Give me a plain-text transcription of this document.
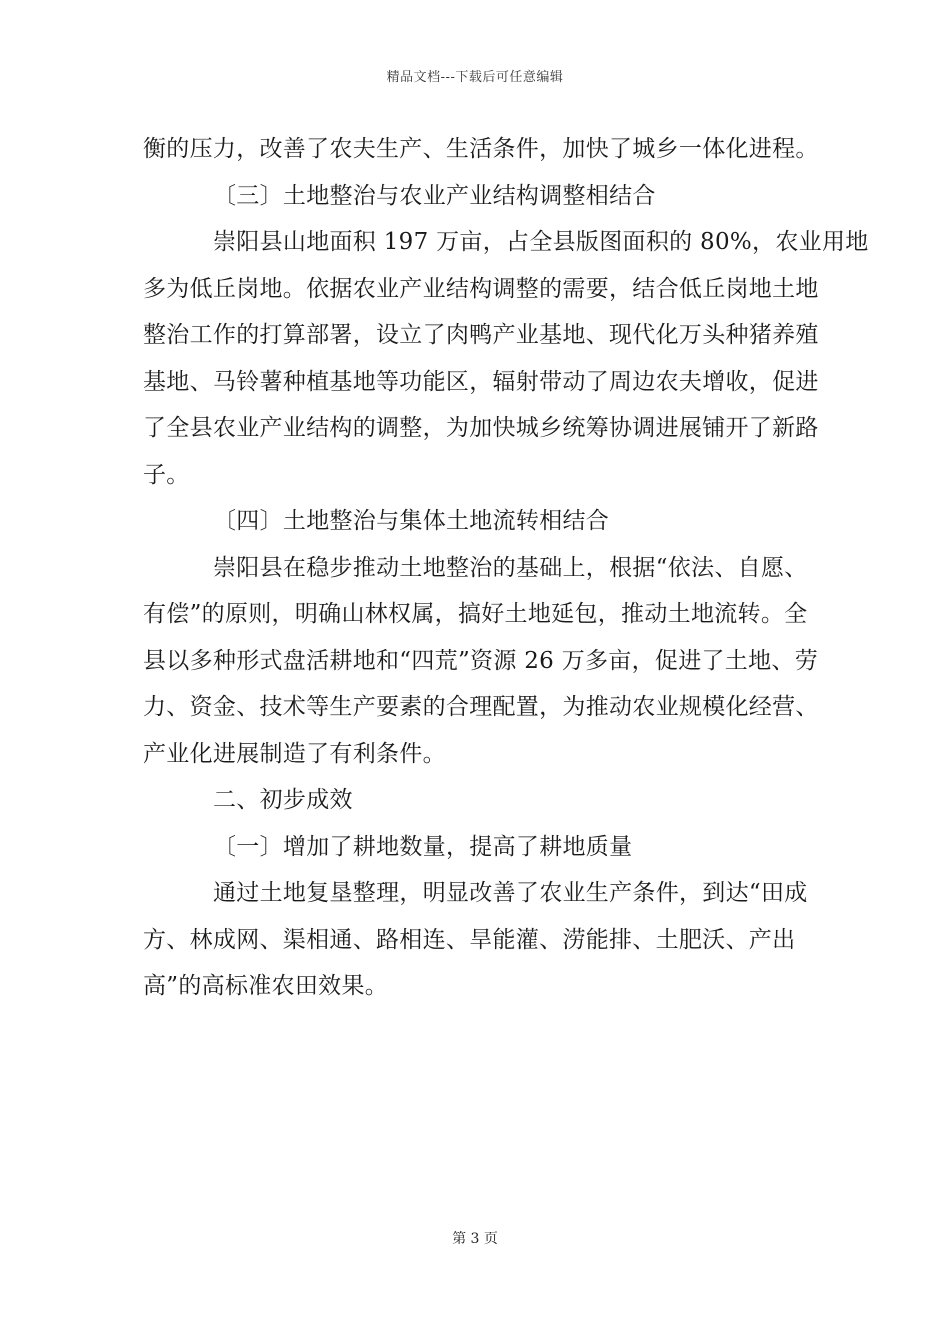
精品文档---下载后可任意编辑
衡的压力，改善了农夫生产、生活条件，加快了城乡一体化进程。
〔三〕土地整治与农业产业结构调整相结合
崇阳县山地面积 197 万亩，占全县版图面积的 80%，农业用地
多为低丘岗地。依据农业产业结构调整的需要，结合低丘岗地土地
整治工作的打算部署，设立了肉鸭产业基地、现代化万头种猪养殖
基地、马铃薯种植基地等功能区，辐射带动了周边农夫增收，促进
了全县农业产业结构的调整，为加快城乡统筹协调进展铺开了新路
子。
〔四〕土地整治与集体土地流转相结合
崇阳县在稳步推动土地整治的基础上，根据“依法、自愿、
有偿”的原则，明确山林权属，搞好土地延包，推动土地流转。全
县以多种形式盘活耕地和“四荒”资源 26 万多亩，促进了土地、劳
力、资金、技术等生产要素的合理配置，为推动农业规模化经营、
产业化进展制造了有利条件。
二、初步成效
〔一〕增加了耕地数量，提高了耕地质量
通过土地复垦整理，明显改善了农业生产条件，到达“田成
方、林成网、渠相通、路相连、旱能灌、涝能排、土肥沃、产出
高”的高标准农田效果。
第 3 页
